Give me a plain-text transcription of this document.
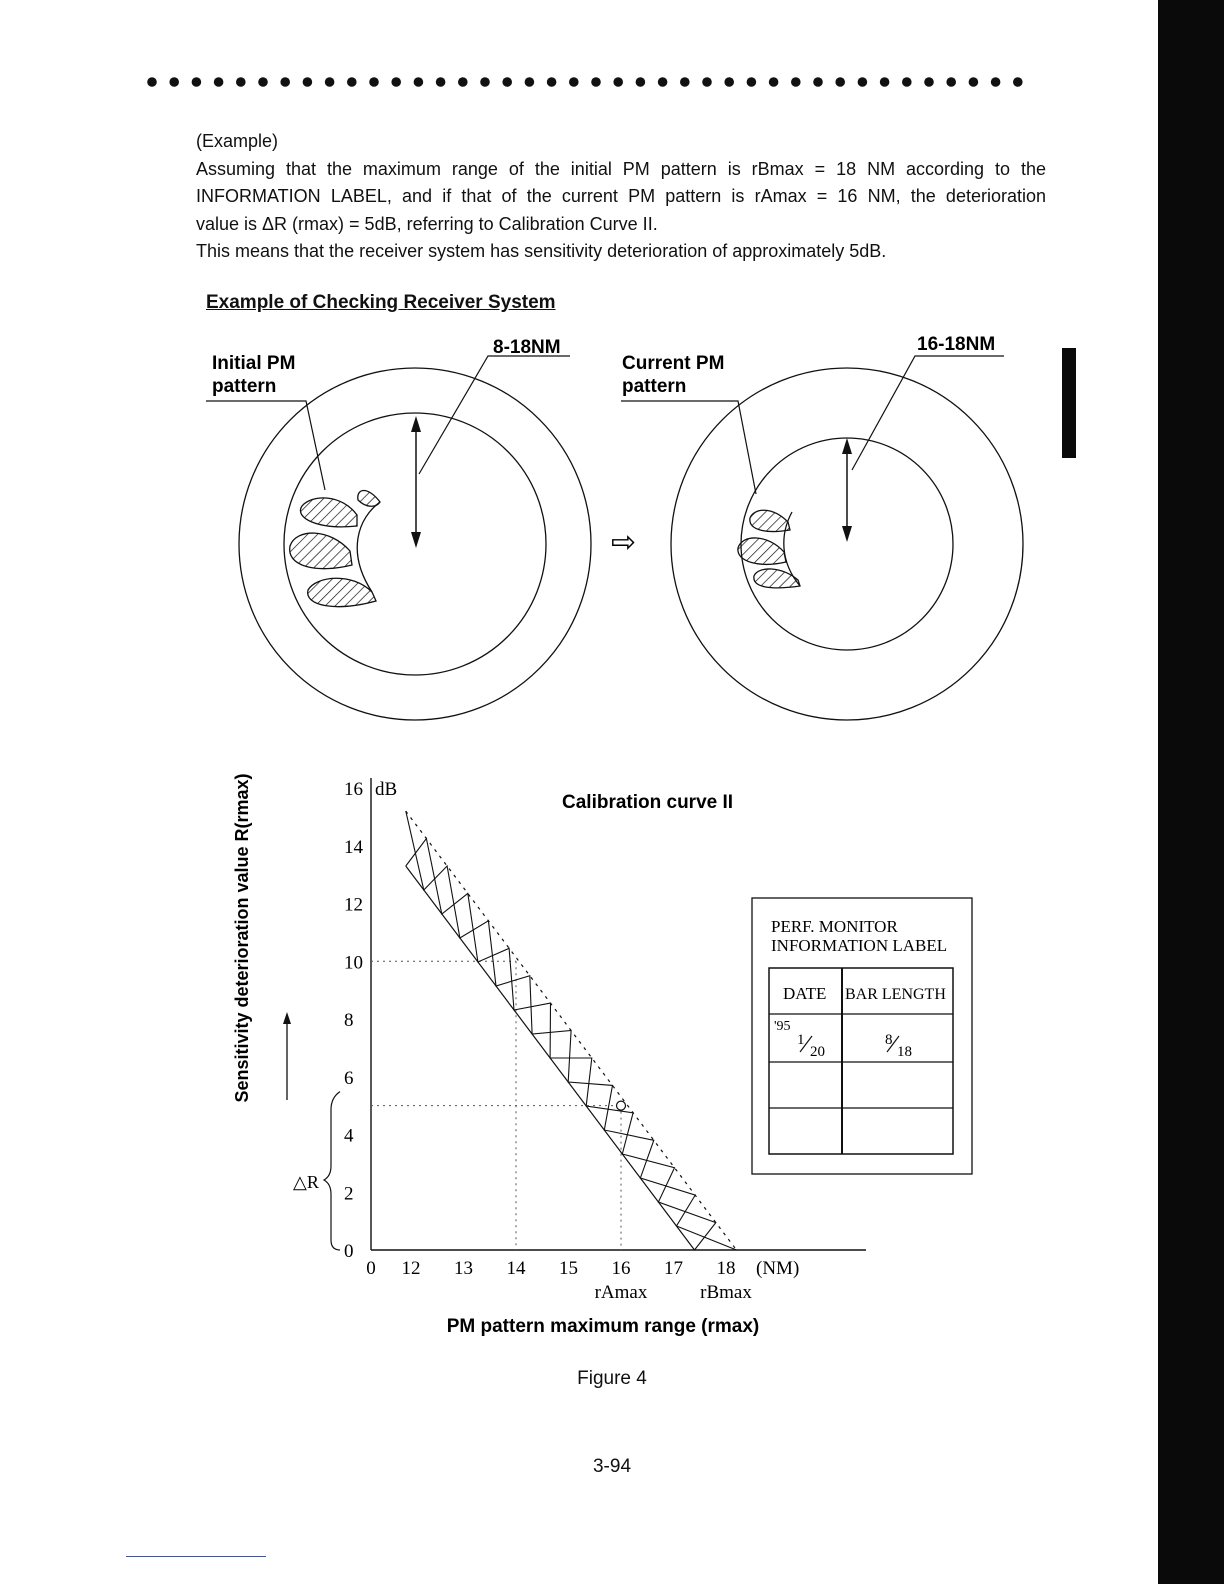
(Example)

Assuming that the maximum range of the initial PM pattern is rBmax = 18 NM according to the

INFORMATION LABEL, and if that of the current PM pattern is rAmax = 16 NM, the deterioration

value is ΔR (rmax) = 5dB, referring to Calibration Curve II.

This means that the receiver system has sensitivity deterioration of approximately 5dB.

Example of Checking Receiver System
Initial PM
pattern
8-18NM
⇨
Current PM
pattern
16-18NM
Sensitivity deterioration value R(rmax)	Calibration curve II
dB
(NM)
PM pattern maximum range (rmax)
△R
0
2
4
6
8
10
12
14
16
0 12 13 14 15 16 17 18
rAmax	rBmax
PERF. MONITOR
INFORMATION LABEL
DATE BAR LENGTH
'95
1
20
8
18
Figure 4
3-94
